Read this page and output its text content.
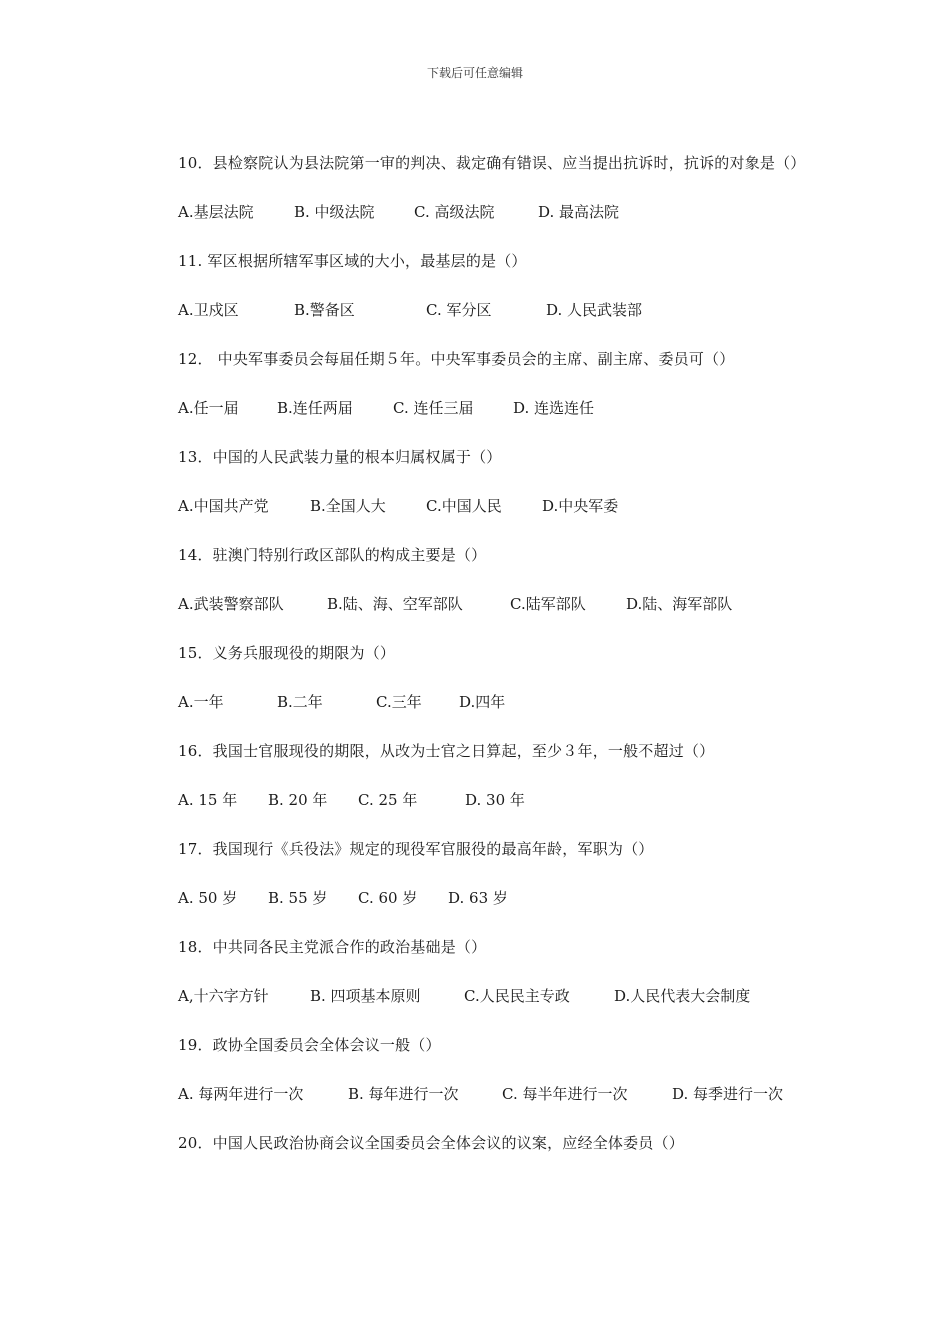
下载后可任意编辑

10．县检察院认为县法院第一审的判决、裁定确有错误、应当提出抗诉时，抗诉的对象是（）

A.基层法院	B. 中级法院	C. 高级法院	D. 最高法院

11. 军区根据所辖军事区域的大小，最基层的是（）

A.卫戍区	B.警备区	C. 军分区	D. 人民武装部

12． 中央军事委员会每届任期５年。中央军事委员会的主席、副主席、委员可（）

A.任一届	B.连任两届	C. 连任三届	D. 连选连任

13．中国的人民武装力量的根本归属权属于（）

A.中国共产党	B.全国人大	C.中国人民	D.中央军委

14．驻澳门特别行政区部队的构成主要是（）

A.武装警察部队	B.陆、海、空军部队	C.陆军部队	D.陆、海军部队

15．义务兵服现役的期限为（）

A.一年	B.二年	C.三年 D.四年

16．我国士官服现役的期限，从改为士官之日算起，至少３年，一般不超过（）

A. 15 年 B. 20 年 C. 25 年	D. 30 年

17．我国现行《兵役法》规定的现役军官服役的最高年龄，军职为（）

A. 50 岁 B. 55 岁 C. 60 岁 D. 63 岁

18．中共同各民主党派合作的政治基础是（）

A,十六字方针	B. 四项基本原则	C.人民民主专政	D.人民代表大会制度

19．政协全国委员会全体会议一般（）

A. 每两年进行一次	B. 每年进行一次	C. 每半年进行一次	D. 每季进行一次

20．中国人民政治协商会议全国委员会全体会议的议案，应经全体委员（）
